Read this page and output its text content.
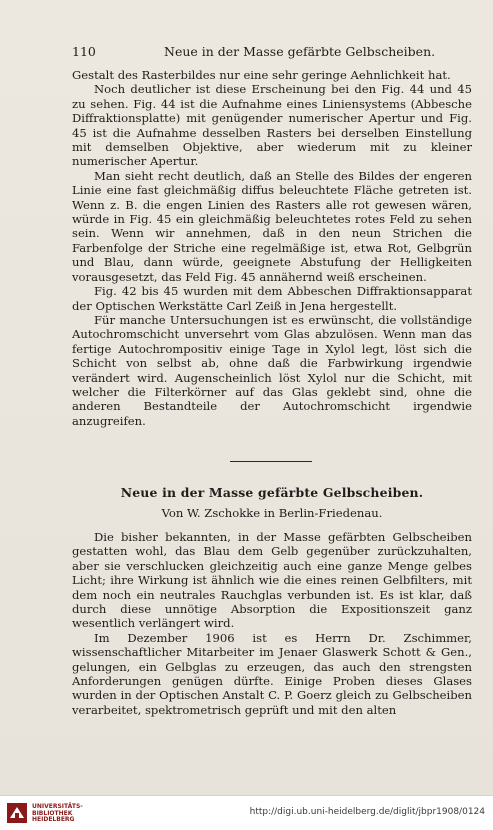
110	Neue in der Masse gefärbte Gelbscheiben.

Gestalt des Rasterbildes nur eine sehr geringe Aehnlichkeit hat.

Noch deutlicher ist diese Erscheinung bei den Fig. 44 und 45 zu sehen. Fig. 44 ist die Aufnahme eines Liniensystems (Abbesche Diffraktionsplatte) mit genügender numerischer Apertur und Fig. 45 ist die Aufnahme desselben Rasters bei derselben Einstellung mit demselben Objektive, aber wiederum mit zu kleiner numerischer Apertur.

Man sieht recht deutlich, daß an Stelle des Bildes der engeren Linie eine fast gleichmäßig diffus beleuchtete Fläche getreten ist. Wenn z. B. die engen Linien des Rasters alle rot gewesen wären, würde in Fig. 45 ein gleichmäßig beleuchtetes rotes Feld zu sehen sein. Wenn wir annehmen, daß in den neun Strichen die Farbenfolge der Striche eine regelmäßige ist, etwa Rot, Gelbgrün und Blau, dann würde, geeignete Abstufung der Helligkeiten vorausgesetzt, das Feld Fig. 45 annähernd weiß erscheinen.

Fig. 42 bis 45 wurden mit dem Abbeschen Diffraktionsapparat der Optischen Werkstätte Carl Zeiß in Jena hergestellt.

Für manche Untersuchungen ist es erwünscht, die vollständige Autochromschicht unversehrt vom Glas abzulösen. Wenn man das fertige Autochrompositiv einige Tage in Xylol legt, löst sich die Schicht von selbst ab, ohne daß die Farbwirkung irgendwie verändert wird. Augenscheinlich löst Xylol nur die Schicht, mit welcher die Filterkörner auf das Glas geklebt sind, ohne die anderen Bestandteile der Autochromschicht irgendwie anzugreifen.

Neue in der Masse gefärbte Gelbscheiben.
Von W. Zschokke in Berlin-Friedenau.

Die bisher bekannten, in der Masse gefärbten Gelbscheiben gestatten wohl, das Blau dem Gelb gegenüber zurückzuhalten, aber sie verschlucken gleichzeitig auch eine ganze Menge gelbes Licht; ihre Wirkung ist ähnlich wie die eines reinen Gelbfilters, mit dem noch ein neutrales Rauchglas verbunden ist. Es ist klar, daß durch diese unnötige Absorption die Expositionszeit ganz wesentlich verlängert wird.

Im Dezember 1906 ist es Herrn Dr. Zschimmer, wissenschaftlicher Mitarbeiter im Jenaer Glaswerk Schott & Gen., gelungen, ein Gelbglas zu erzeugen, das auch den strengsten Anforderungen genügen dürfte. Einige Proben dieses Glases wurden in der Optischen Anstalt C. P. Goerz gleich zu Gelbscheiben verarbeitet, spektrometrisch geprüft und mit den alten

UNIVERSITÄTS-
BIBLIOTHEK
HEIDELBERG
http://digi.ub.uni-heidelberg.de/diglit/jbpr1908/0124
